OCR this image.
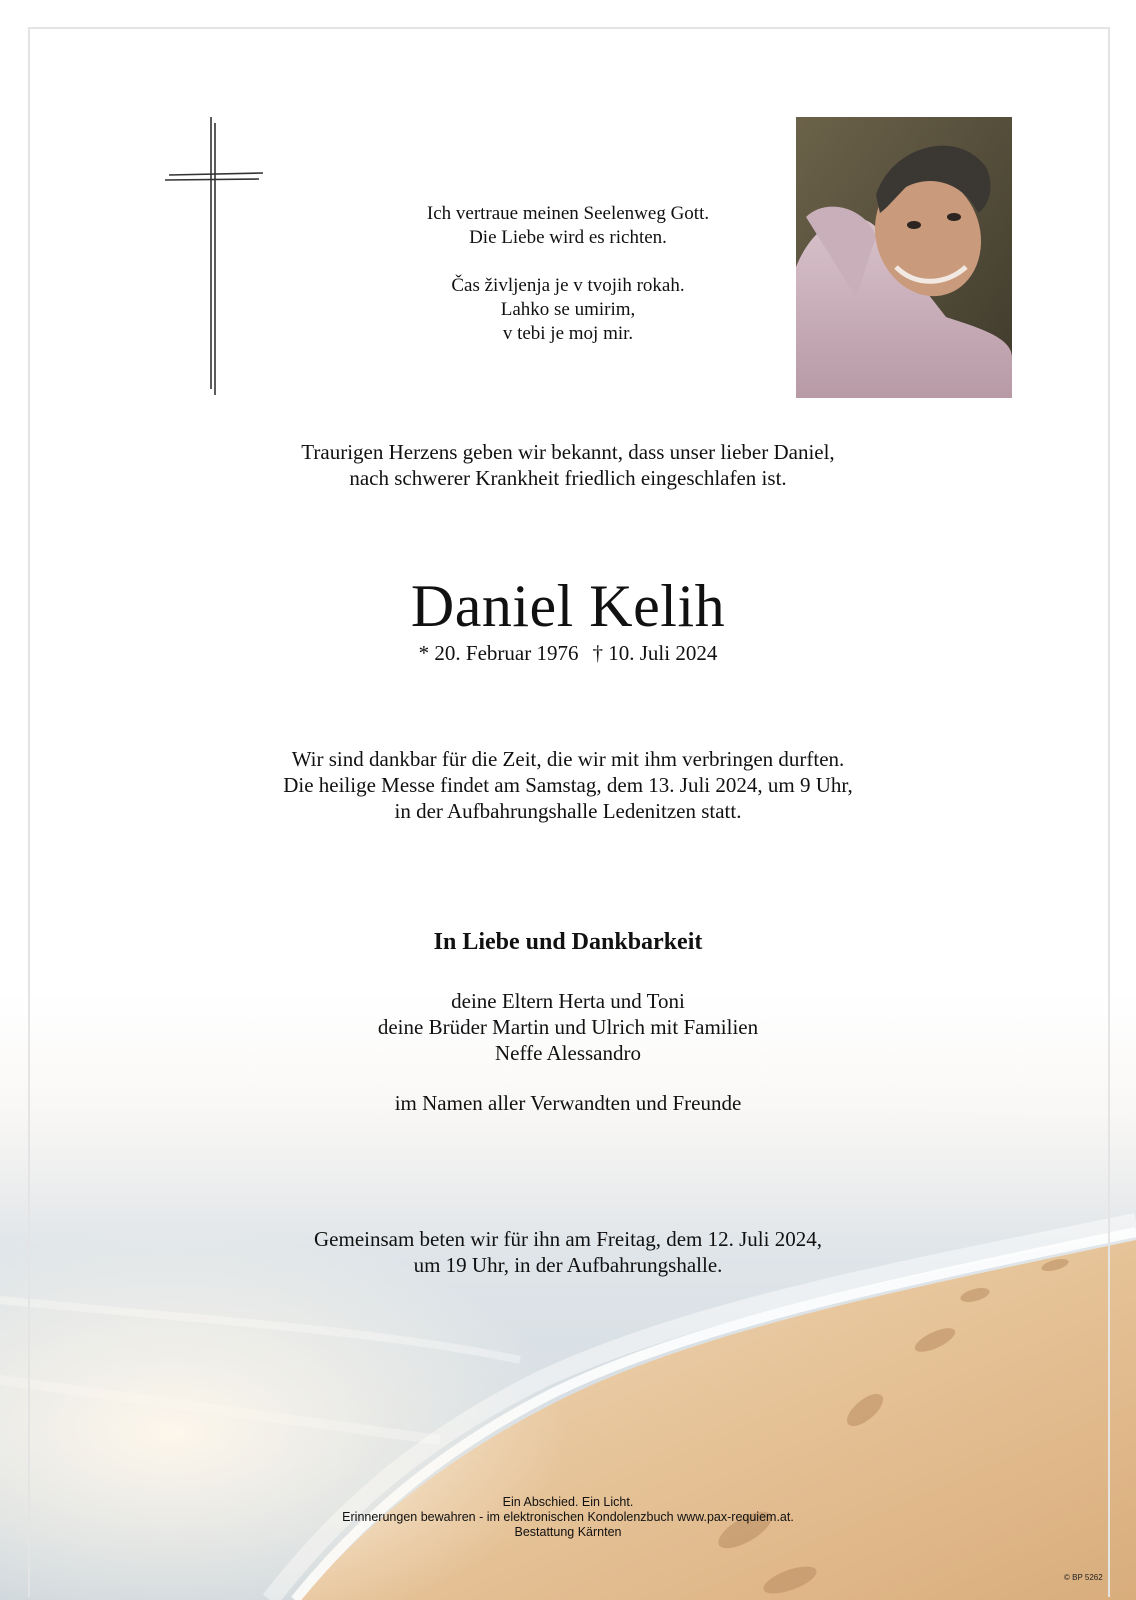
Ich vertraue meinen Seelenweg Gott.

Die Liebe wird es richten.

Čas življenja je v tvojih rokah.

Lahko se umirim,

v tebi je moj mir.

Traurigen Herzens geben wir bekannt, dass unser lieber Daniel,

nach schwerer Krankheit friedlich eingeschlafen ist.

Daniel Kelih
* 20. Februar 1976 † 10. Juli 2024

Wir sind dankbar für die Zeit, die wir mit ihm verbringen durften.

Die heilige Messe findet am Samstag, dem 13. Juli 2024, um 9 Uhr,

in der Aufbahrungshalle Ledenitzen statt.

In Liebe und Dankbarkeit

deine Eltern Herta und Toni

deine Brüder Martin und Ulrich mit Familien

Neffe Alessandro

im Namen aller Verwandten und Freunde

Gemeinsam beten wir für ihn am Freitag, dem 12. Juli 2024,

um 19 Uhr, in der Aufbahrungshalle.

Ein Abschied. Ein Licht.

Erinnerungen bewahren - im elektronischen Kondolenzbuch www.pax-requiem.at.

Bestattung Kärnten

© BP 5262
